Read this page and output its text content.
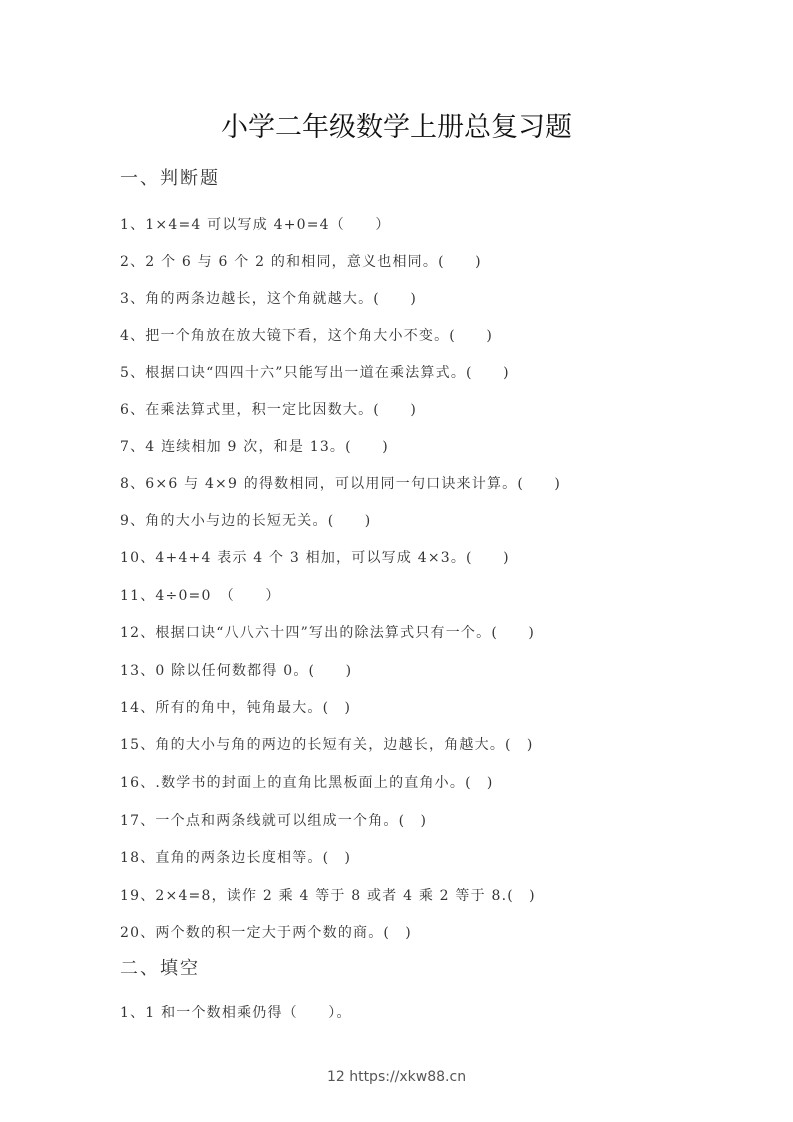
小学二年级数学上册总复习题
一、判断题
1、1×4=4 可以写成 4+0=4（　　）
2、2 个 6 与 6 个 2 的和相同，意义也相同。(　　)
3、角的两条边越长，这个角就越大。(　　)
4、把一个角放在放大镜下看，这个角大小不变。(　　)
5、根据口诀“四四十六”只能写出一道在乘法算式。(　　)
6、在乘法算式里，积一定比因数大。(　　)
7、4 连续相加 9 次，和是 13。(　　)
8、6×6 与 4×9 的得数相同，可以用同一句口诀来计算。(　　)
9、角的大小与边的长短无关。(　　)
10、4+4+4 表示 4 个 3 相加，可以写成 4×3。(　　)
11、4÷0=0　（　　）
12、根据口诀“八八六十四”写出的除法算式只有一个。(　　)
13、0 除以任何数都得 0。(　　)
14、所有的角中，钝角最大。(　)
15、角的大小与角的两边的长短有关，边越长，角越大。(　)
16、.数学书的封面上的直角比黑板面上的直角小。(　)
17、一个点和两条线就可以组成一个角。(　)
18、直角的两条边长度相等。(　)
19、2×4=8，读作 2 乘 4 等于 8 或者 4 乘 2 等于 8.(　)
20、两个数的积一定大于两个数的商。(　)
二、填空
1、1 和一个数相乘仍得（　　）。
12 https://xkw88.cn
